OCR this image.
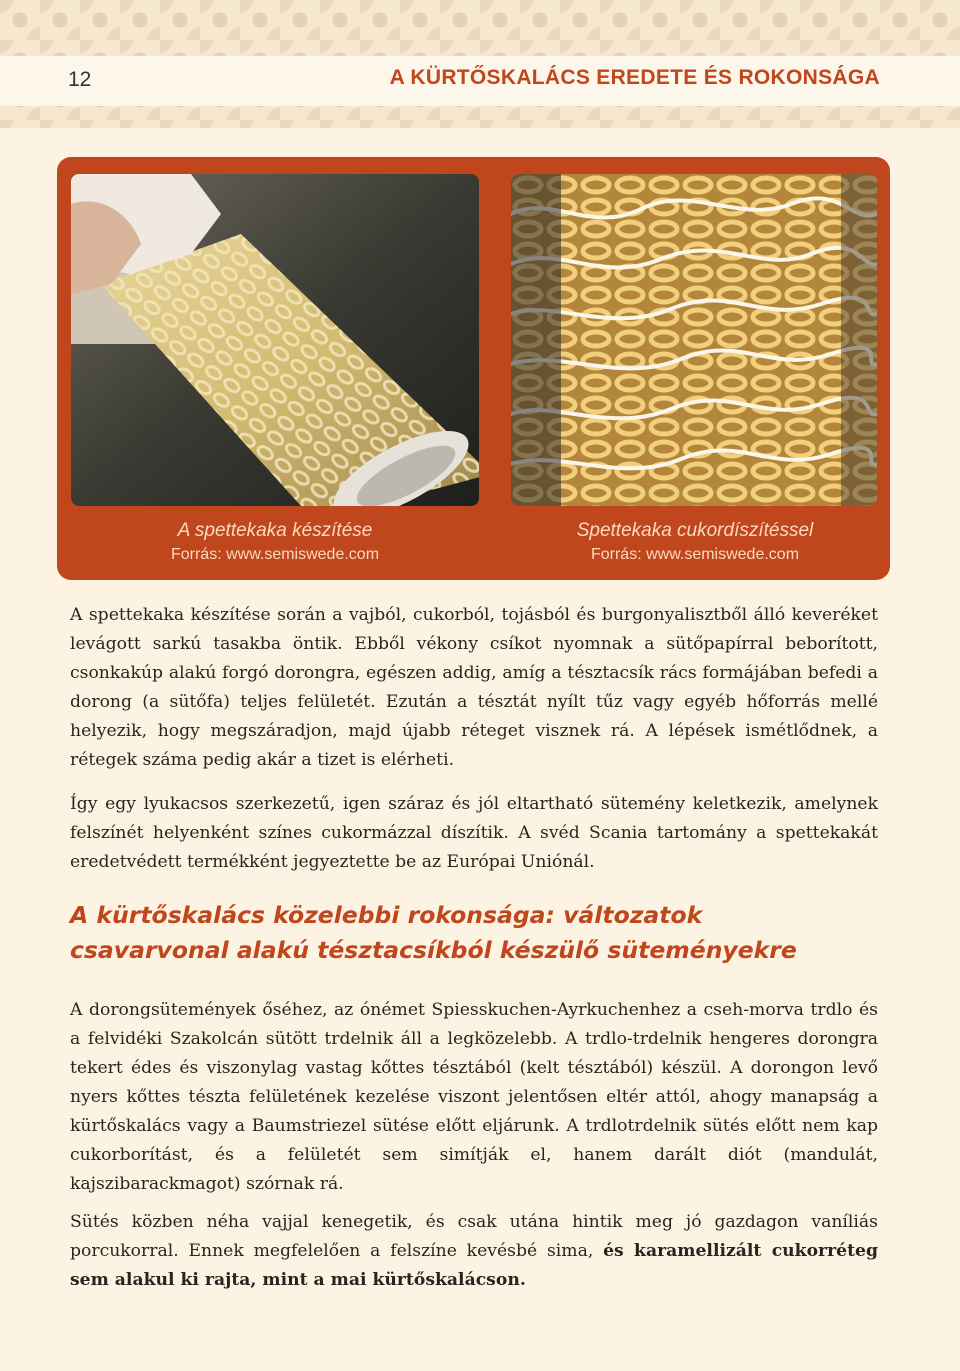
12	A KÜRTŐSKALÁCS EREDETE ÉS ROKONSÁGA
A spettekaka készítése
Forrás: www.semiswede.com
Spettekaka cukordíszítéssel
Forrás: www.semiswede.com

A spettekaka készítése során a vajból, cukorból, tojásból és burgonyalisztből álló keveréket levágott sarkú tasakba öntik. Ebből vékony csíkot nyomnak a sütőpapírral beborított, csonkakúp alakú forgó dorongra, egészen addig, amíg a tésztacsík rács formájában befedi a dorong (a sütőfa) teljes felületét. Ezután a tésztát nyílt tűz vagy egyéb hőforrás mellé helyezik, hogy megszáradjon, majd újabb réteget visznek rá. A lépések ismétlődnek, a rétegek száma pedig akár a tizet is elérheti.

Így egy lyukacsos szerkezetű, igen száraz és jól eltartható sütemény keletkezik, amelynek felszínét helyenként színes cukormázzal díszítik. A svéd Scania tartomány a spettekakát eredetvédett termékként jegyeztette be az Európai Uniónál.

A kürtőskalács közelebbi rokonsága: változatok
csavarvonal alakú tésztacsíkból készülő süteményekre

A dorongsütemények őséhez, az ónémet Spiesskuchen-Ayrkuchenhez a cseh-morva trdlo és a felvidéki Szakolcán sütött trdelnik áll a legközelebb. A trdlo-trdelnik hengeres dorongra tekert édes és viszonylag vastag kőttes tésztából (kelt tésztából) készül. A dorongon levő nyers kőttes tészta felületének kezelése viszont jelentősen eltér attól, ahogy manapság a kürtőskalács vagy a Baumstriezel sütése előtt eljárunk. A trdlotrdelnik sütés előtt nem kap cukorborítást, és a felületét sem simítják el, hanem darált diót (mandulát, kajszibarackmagot) szórnak rá.

Sütés közben néha vajjal kenegetik, és csak utána hintik meg jó gazdagon vaníliás porcukorral. Ennek megfelelően a felszíne kevésbé sima, és karamellizált cukorréteg sem alakul ki rajta, mint a mai kürtőskalácson.
